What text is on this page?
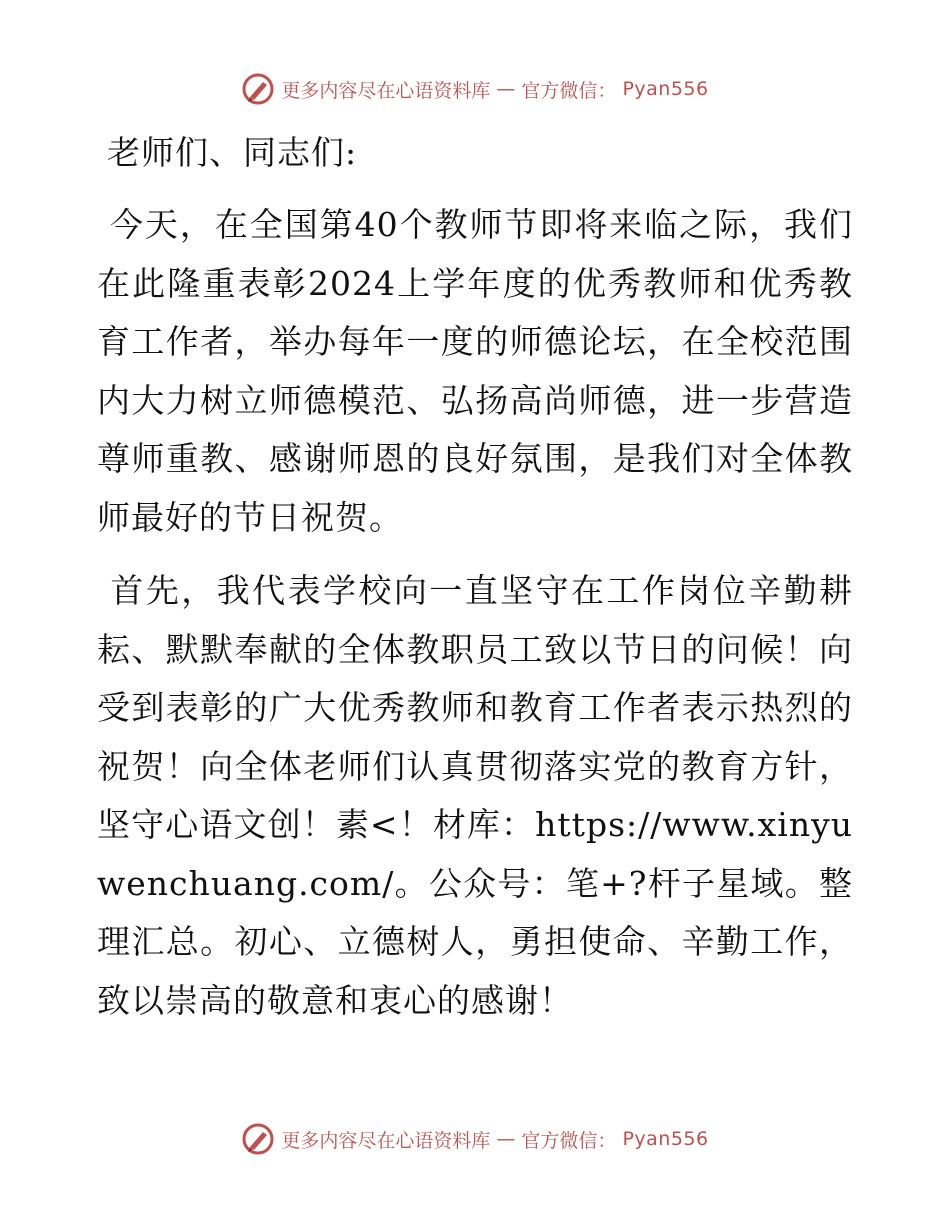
更多内容尽在心语资料库 — 官方微信： Pyan556
老师们、同志们:

今天，在全国第40个教师节即将来临之际，我们在此隆重表彰2024上学年度的优秀教师和优秀教育工作者，举办每年一度的师德论坛，在全校范围内大力树立师德模范、弘扬高尚师德，进一步营造尊师重教、感谢师恩的良好氛围，是我们对全体教师最好的节日祝贺。

首先，我代表学校向一直坚守在工作岗位辛勤耕耘、默默奉献的全体教职员工致以节日的问候！向受到表彰的广大优秀教师和教育工作者表示热烈的祝贺！向全体老师们认真贯彻落实党的教育方针，坚守心语文创！素<！材库：https://www.xinyuwenchuang.com/。公众号：笔+?杆子星域。整理汇总。初心、立德树人，勇担使命、辛勤工作，致以崇高的敬意和衷心的感谢！

更多内容尽在心语资料库 — 官方微信： Pyan556
